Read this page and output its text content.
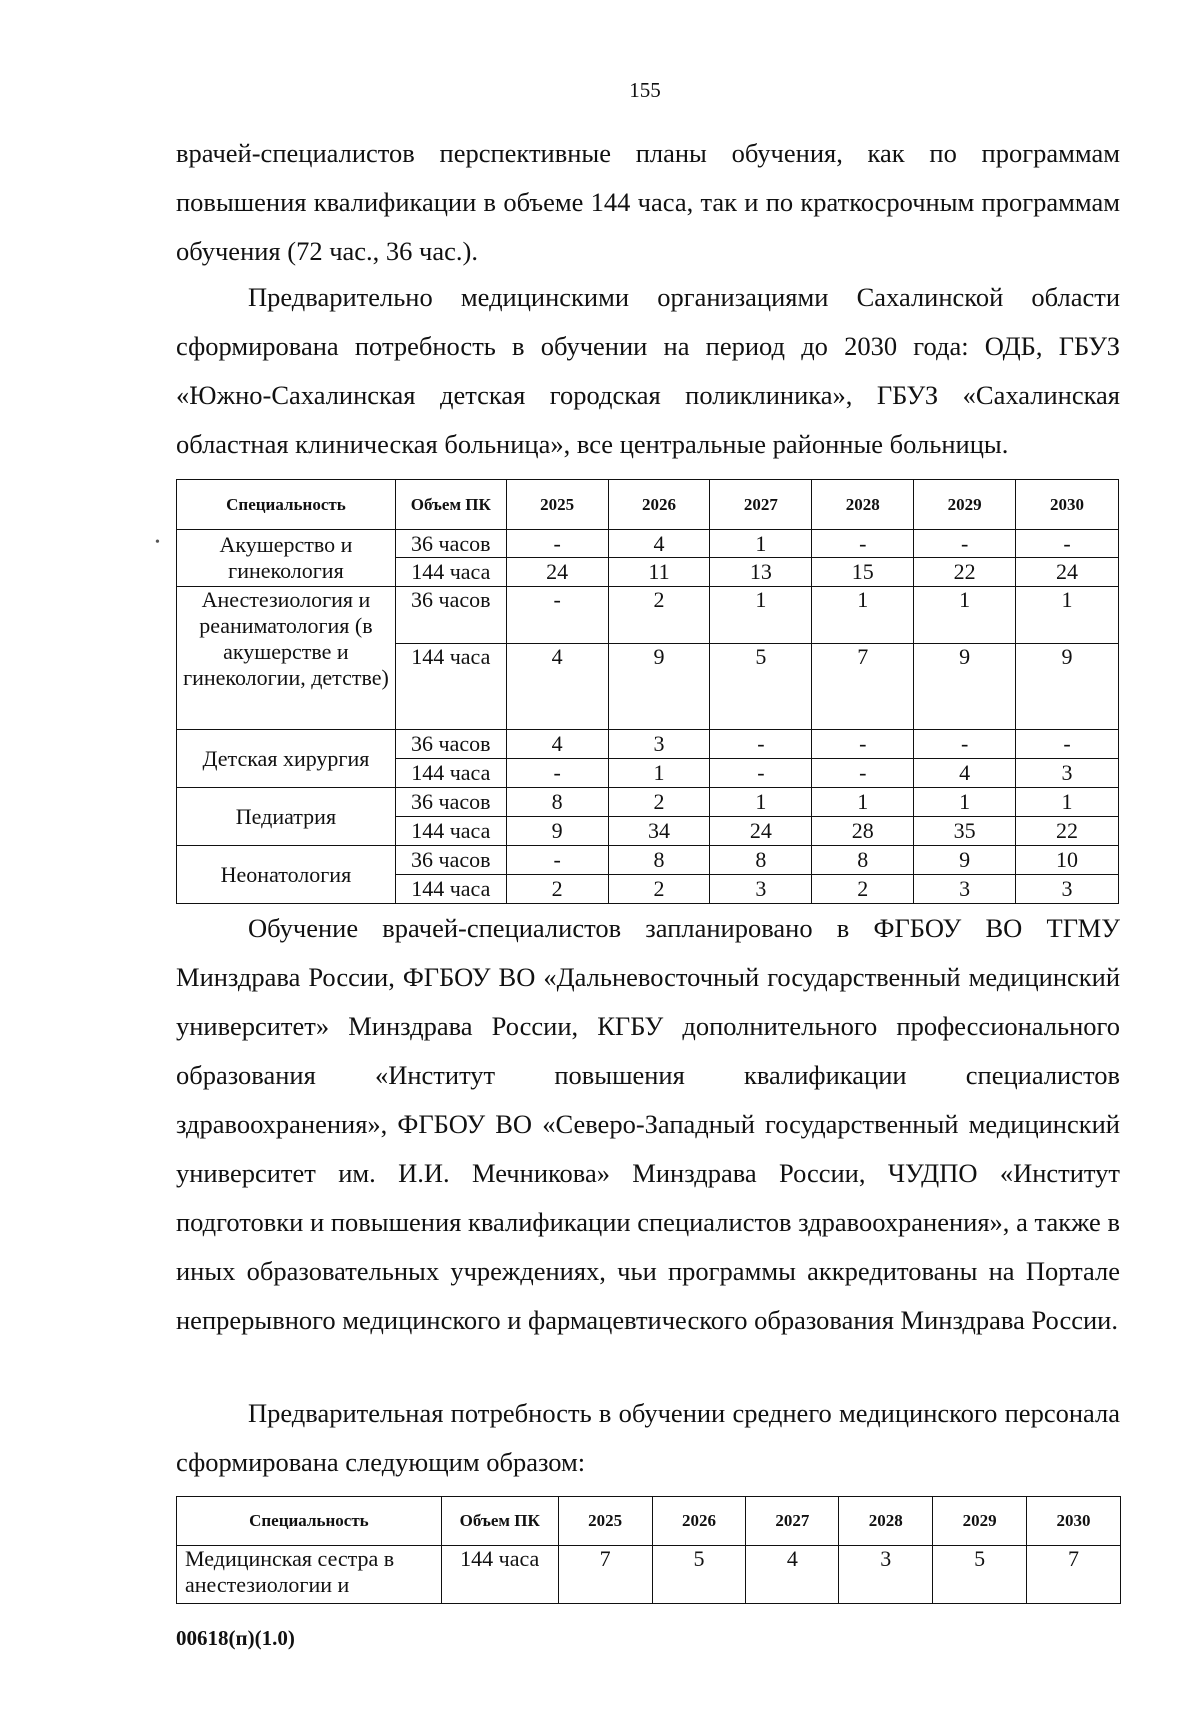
155

врачей-специалистов перспективные планы обучения, как по программам повышения квалификации в объеме 144 часа, так и по краткосрочным программам обучения (72 час., 36 час.).

Предварительно медицинскими организациями Сахалинской области сформирована потребность в обучении на период до 2030 года: ОДБ, ГБУЗ «Южно-Сахалинская детская городская поликлиника», ГБУЗ «Сахалинская областная клиническая больница», все центральные районные больницы.

Специальность	Объем ПК	2025	2026	2027	2028	2029	2030
Акушерство и гинекология	36 часов	-	4	1	-	-	-
	144 часа	24	11	13	15	22	24
Анестезиология и реаниматология (в акушерстве и гинекологии, детстве)	36 часов	-	2	1	1	1	1
	144 часа	4	9	5	7	9	9
Детская хирургия	36 часов	4	3	-	-	-	-
	144 часа	-	1	-	-	4	3
Педиатрия	36 часов	8	2	1	1	1	1
	144 часа	9	34	24	28	35	22
Неонатология	36 часов	-	8	8	8	9	10
	144 часа	2	2	3	2	3	3

Обучение врачей-специалистов запланировано в ФГБОУ ВО ТГМУ Минздрава России, ФГБОУ ВО «Дальневосточный государственный медицинский университет» Минздрава России, КГБУ дополнительного профессионального образования «Институт повышения квалификации специалистов здравоохранения», ФГБОУ ВО «Северо-Западный государственный медицинский университет им. И.И. Мечникова» Минздрава России, ЧУДПО «Институт подготовки и повышения квалификации специалистов здравоохранения», а также в иных образовательных учреждениях, чьи программы аккредитованы на Портале непрерывного медицинского и фармацевтического образования Минздрава России.

Предварительная потребность в обучении среднего медицинского персонала сформирована следующим образом:

Специальность	Объем ПК	2025	2026	2027	2028	2029	2030
Медицинская сестра в анестезиологии и	144 часа	7	5	4	3	5	7
00618(п)(1.0)
•
